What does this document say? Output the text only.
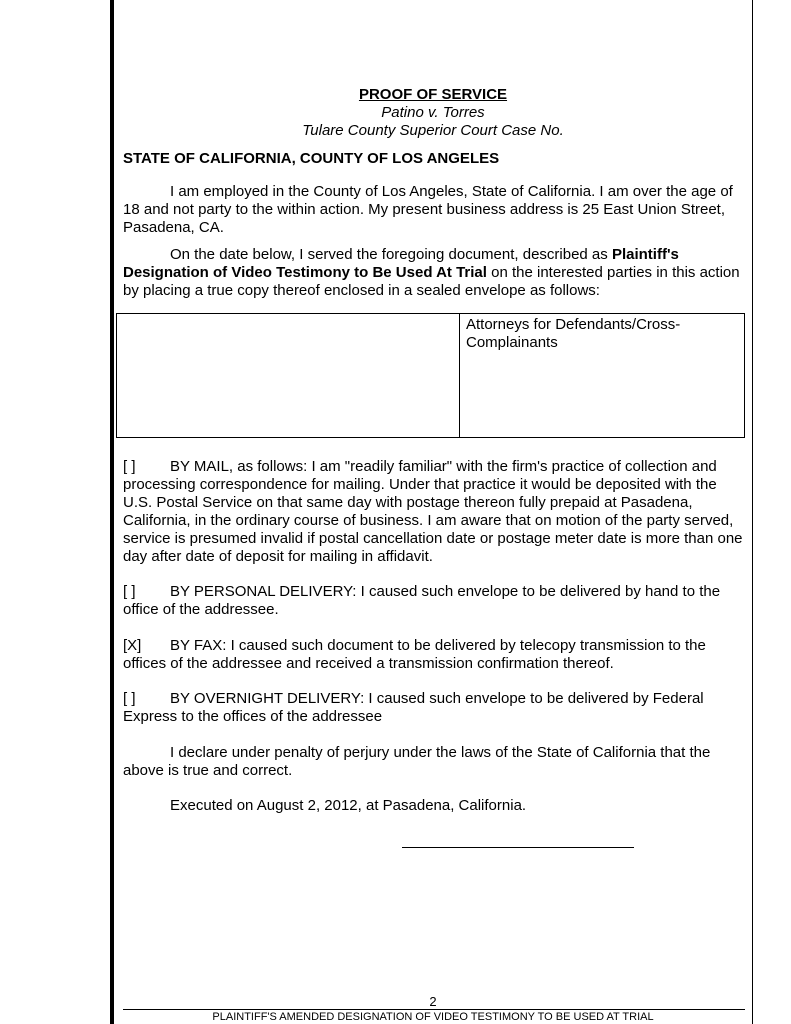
PROOF OF SERVICE
Patino v. Torres
Tulare County Superior Court Case No.
STATE OF CALIFORNIA, COUNTY OF LOS ANGELES
I am employed in the County of Los Angeles, State of California. I am over the age of 18 and not party to the within action. My present business address is 25 East Union Street, Pasadena, CA.
On the date below, I served the foregoing document, described as Plaintiff's Designation of Video Testimony to Be Used At Trial on the interested parties in this action by placing a true copy thereof enclosed in a sealed envelope as follows:
Attorneys for Defendants/Cross-Complainants
[ ] BY MAIL, as follows: I am "readily familiar" with the firm's practice of collection and processing correspondence for mailing. Under that practice it would be deposited with the U.S. Postal Service on that same day with postage thereon fully prepaid at Pasadena, California, in the ordinary course of business. I am aware that on motion of the party served, service is presumed invalid if postal cancellation date or postage meter date is more than one day after date of deposit for mailing in affidavit.
[ ] BY PERSONAL DELIVERY: I caused such envelope to be delivered by hand to the office of the addressee.
[X] BY FAX: I caused such document to be delivered by telecopy transmission to the offices of the addressee and received a transmission confirmation thereof.
[ ] BY OVERNIGHT DELIVERY: I caused such envelope to be delivered by Federal Express to the offices of the addressee
I declare under penalty of perjury under the laws of the State of California that the above is true and correct.
Executed on August 2, 2012, at Pasadena, California.
2
PLAINTIFF'S AMENDED DESIGNATION OF VIDEO TESTIMONY TO BE USED AT TRIAL
